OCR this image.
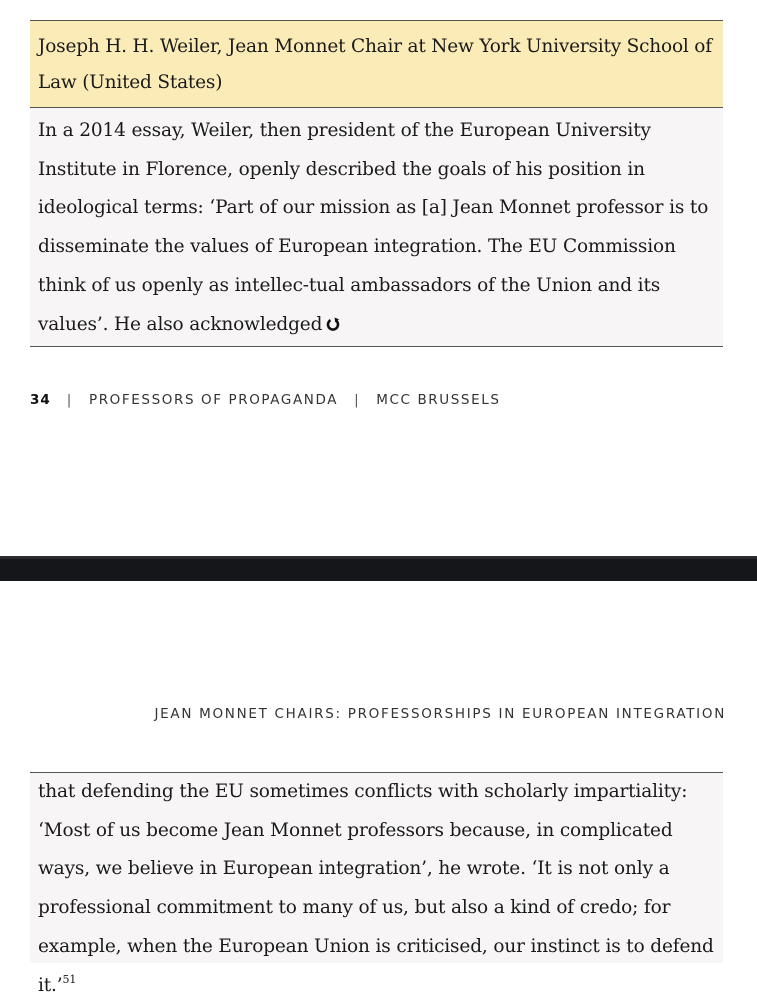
Joseph H. H. Weiler, Jean Monnet Chair at New York University School of Law (United States)
In a 2014 essay, Weiler, then president of the European University Institute in Florence, openly described the goals of his position in ideological terms: ‘Part of our mission as [a] Jean Monnet professor is to disseminate the values of European integration. The EU Commission think of us openly as intellec-tual ambassadors of the Union and its values’. He also acknowledged
34 | PROFESSORS OF PROPAGANDA | MCC BRUSSELS
JEAN MONNET CHAIRS: PROFESSORSHIPS IN EUROPEAN INTEGRATION
that defending the EU sometimes conflicts with scholarly impartiality: ‘Most of us become Jean Monnet professors because, in complicated ways, we believe in European integration’, he wrote. ‘It is not only a professional commitment to many of us, but also a kind of credo; for example, when the European Union is criticised, our instinct is to defend it.’$^{51}$
